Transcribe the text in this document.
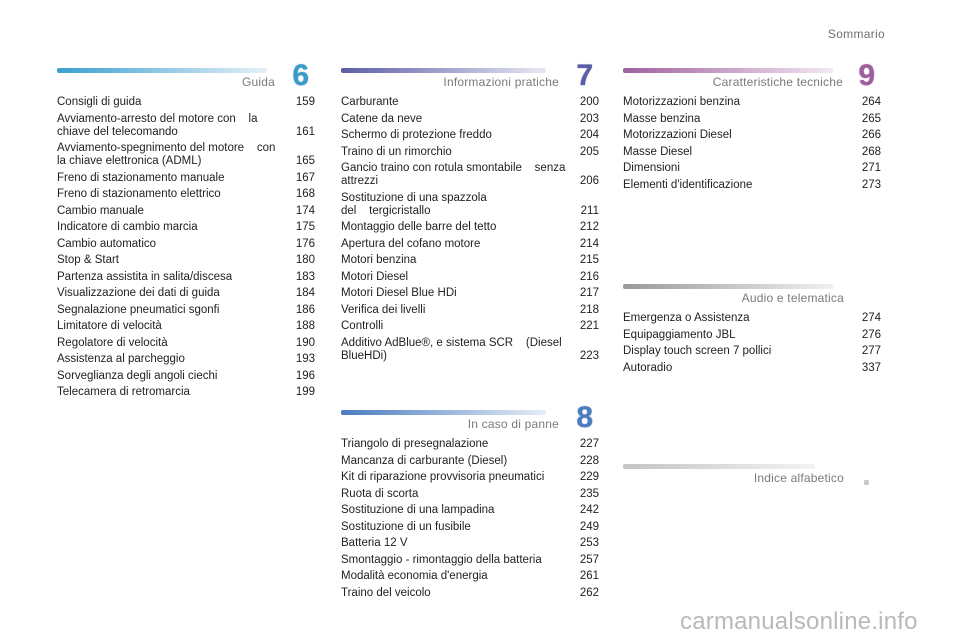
Sommario
Guida 6
Consigli di guida	159
Avviamento-arresto del motore con    la chiave del telecomando	161
Avviamento-spegnimento del motore    con la chiave elettronica (ADML)	165
Freno di stazionamento manuale	167
Freno di stazionamento elettrico	168
Cambio manuale	174
Indicatore di cambio marcia	175
Cambio automatico	176
Stop & Start	180
Partenza assistita in salita/discesa	183
Visualizzazione dei dati di guida	184
Segnalazione pneumatici sgonfi	186
Limitatore di velocità	188
Regolatore di velocità	190
Assistenza al parcheggio	193
Sorveglianza degli angoli ciechi	196
Telecamera di retromarcia	199
Informazioni pratiche 7
Carburante	200
Catene da neve	203
Schermo di protezione freddo	204
Traino di un rimorchio	205
Gancio traino con rotula smontabile    senza attrezzi	206
Sostituzione di una spazzola del    tergicristallo	211
Montaggio delle barre del tetto	212
Apertura del cofano motore	214
Motori benzina	215
Motori Diesel	216
Motori Diesel Blue HDi	217
Verifica dei livelli	218
Controlli	221
Additivo AdBlue®, e sistema SCR    (Diesel BlueHDi)	223
In caso di panne 8
Triangolo di presegnalazione	227
Mancanza di carburante (Diesel)	228
Kit di riparazione provvisoria pneumatici	229
Ruota di scorta	235
Sostituzione di una lampadina	242
Sostituzione di un fusibile	249
Batteria 12 V	253
Smontaggio - rimontaggio della batteria	257
Modalità economia d'energia	261
Traino del veicolo	262
Caratteristiche tecniche 9
Motorizzazioni benzina	264
Masse benzina	265
Motorizzazioni Diesel	266
Masse Diesel	268
Dimensioni	271
Elementi d'identificazione	273
Audio e telematica
Emergenza o Assistenza	274
Equipaggiamento JBL	276
Display touch screen 7 pollici	277
Autoradio	337
Indice alfabetico
carmanualsonline.info
